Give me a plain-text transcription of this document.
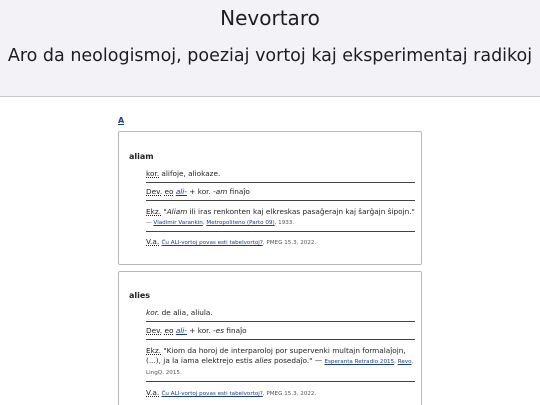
Nevortaro
Aro da neologismoj, poeziaj vortoj kaj eksperimentaj radikoj
A
aliam
kor. alifoje, aliokaze.
Dev. eo ali- + kor. -am finaĵo
Ekz. "Aliam ili iras renkonten kaj elkreskas pasaĝerajn kaj ŝarĝajn ŝipojn."
— Vladimir Varankin, Metropoliteno (Parto 09), 1933.
V.a. Ĉu ALI-vortoj povas esti tabelvortoj?, PMEG 15.3, 2022.
alies
kor. de alia, aliula.
Dev. eo ali- + kor. -es finaĵo
Ekz. "Kiom da horoj de interparoloj por supervenki multajn formalaĵojn, (...), ja la iama elektrejo estis alies posedaĵo." — Esperanta Retradio 2015, Revo, LingQ, 2015.
V.a. Ĉu ALI-vortoj povas esti tabelvortoj?, PMEG 15.3, 2022.
